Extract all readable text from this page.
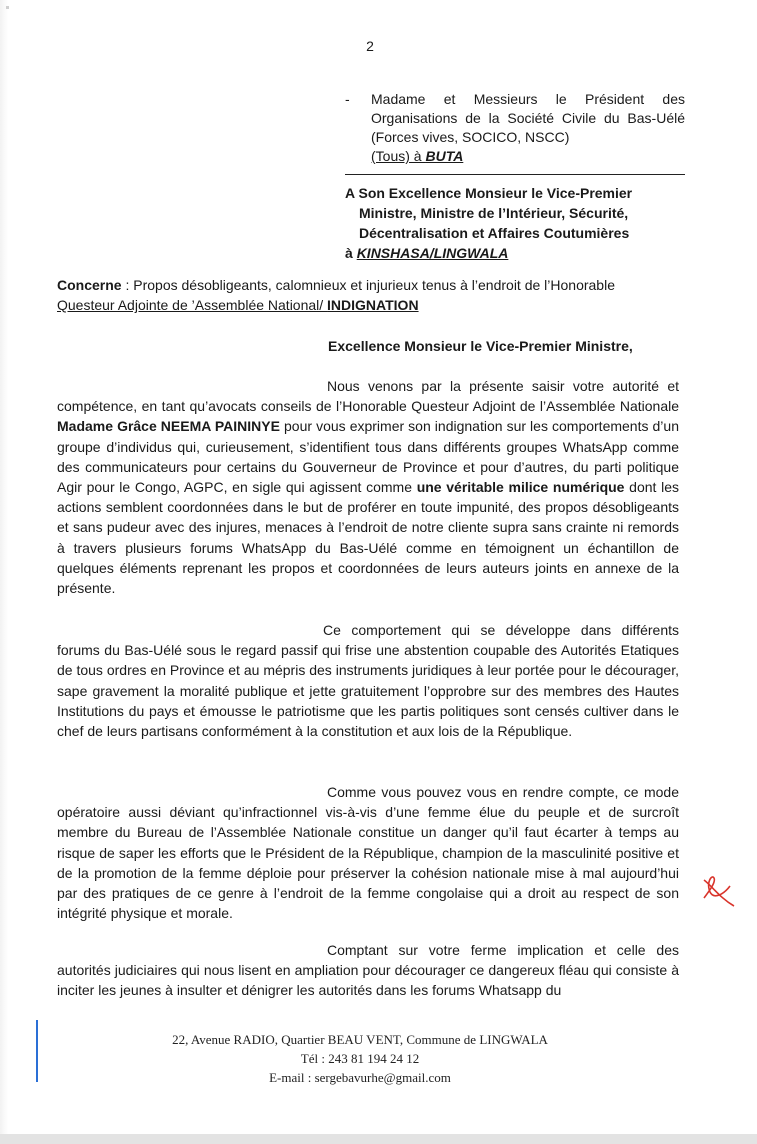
2
- Madame et Messieurs le Président des Organisations de la Société Civile du Bas-Uélé (Forces vives, SOCICO, NSCC)
(Tous) à BUTA
A Son Excellence Monsieur le Vice-Premier
Ministre, Ministre de l’Intérieur, Sécurité,
Décentralisation et Affaires Coutumières
à KINSHASA/LINGWALA
Concerne : Propos désobligeants, calomnieux et injurieux tenus à l’endroit de l’Honorable
Questeur Adjointe de ’Assemblée National/ INDIGNATION
Excellence Monsieur le Vice-Premier Ministre,
Nous venons par la présente saisir votre autorité et compétence, en tant qu’avocats conseils de l’Honorable Questeur Adjoint de l’Assemblée Nationale Madame Grâce NEEMA PAININYE pour vous exprimer son indignation sur les comportements d’un groupe d’individus qui, curieusement, s’identifient tous dans différents groupes WhatsApp comme des communicateurs pour certains du Gouverneur de Province et pour d’autres, du parti politique Agir pour le Congo, AGPC, en sigle qui agissent comme une véritable milice numérique dont les actions semblent coordonnées dans le but de proférer en toute impunité, des propos désobligeants et sans pudeur avec des injures, menaces à l’endroit de notre cliente supra sans crainte ni remords à travers plusieurs forums WhatsApp du Bas-Uélé comme en témoignent un échantillon de quelques éléments reprenant les propos et coordonnées de leurs auteurs joints en annexe de la présente.
Ce comportement qui se développe dans différents forums du Bas-Uélé sous le regard passif qui frise une abstention coupable des Autorités Etatiques de tous ordres en Province et au mépris des instruments juridiques à leur portée pour le décourager, sape gravement la moralité publique et jette gratuitement l’opprobre sur des membres des Hautes Institutions du pays et émousse le patriotisme que les partis politiques sont censés cultiver dans le chef de leurs partisans conformément à la constitution et aux lois de la République.
Comme vous pouvez vous en rendre compte, ce mode opératoire aussi déviant qu’infractionnel vis-à-vis d’une femme élue du peuple et de surcroît membre du Bureau de l’Assemblée Nationale constitue un danger qu’il faut écarter à temps au risque de saper les efforts que le Président de la République, champion de la masculinité positive et de la promotion de la femme déploie pour préserver la cohésion nationale mise à mal aujourd’hui par des pratiques de ce genre à l’endroit de la femme congolaise qui a droit au respect de son intégrité physique et morale.
Comptant sur votre ferme implication et celle des autorités judiciaires qui nous lisent en ampliation pour décourager ce dangereux fléau qui consiste à inciter les jeunes à insulter et dénigrer les autorités dans les forums Whatsapp du
22, Avenue RADIO, Quartier BEAU VENT, Commune de LINGWALA
Tél : 243 81 194 24 12
E-mail : sergebavurhe@gmail.com
